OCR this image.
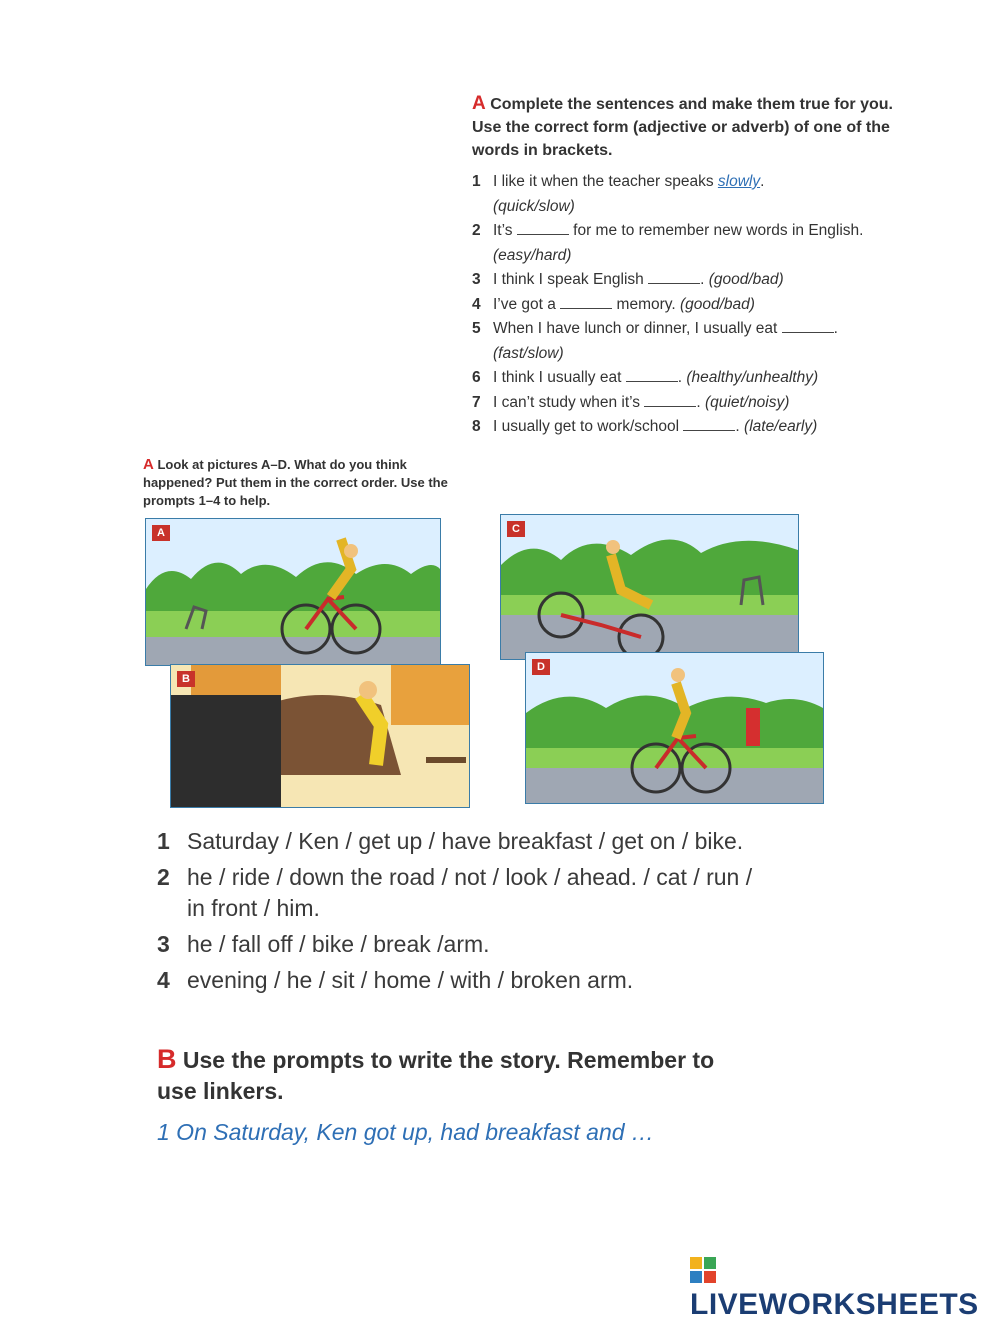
A Complete the sentences and make them true for you. Use the correct form (adjective or adverb) of one of the words in brackets.
1 I like it when the teacher speaks slowly.
(quick/slow)
2 It’s	for me to remember new words in English. (easy/hard)
3 I think I speak English	. (good/bad)
4 I’ve got a	memory. (good/bad)
5 When I have lunch or dinner, I usually eat	.
(fast/slow)
6 I think I usually eat	. (healthy/unhealthy)
7 I can’t study when it’s	. (quiet/noisy)
8 I usually get to work/school	. (late/early)
A Look at pictures A–D. What do you think happened? Put them in the correct order. Use the prompts 1–4 to help.
A
B
C
D
1 Saturday / Ken / get up / have breakfast / get on / bike.
2 he / ride / down the road / not / look / ahead. / cat / run / in front / him.
3 he / fall off / bike / break /arm.
4 evening / he / sit / home / with / broken arm.
B Use the prompts to write the story. Remember to use linkers.
1 On Saturday, Ken got up, had breakfast and …
LIVEWORKSHEETS
